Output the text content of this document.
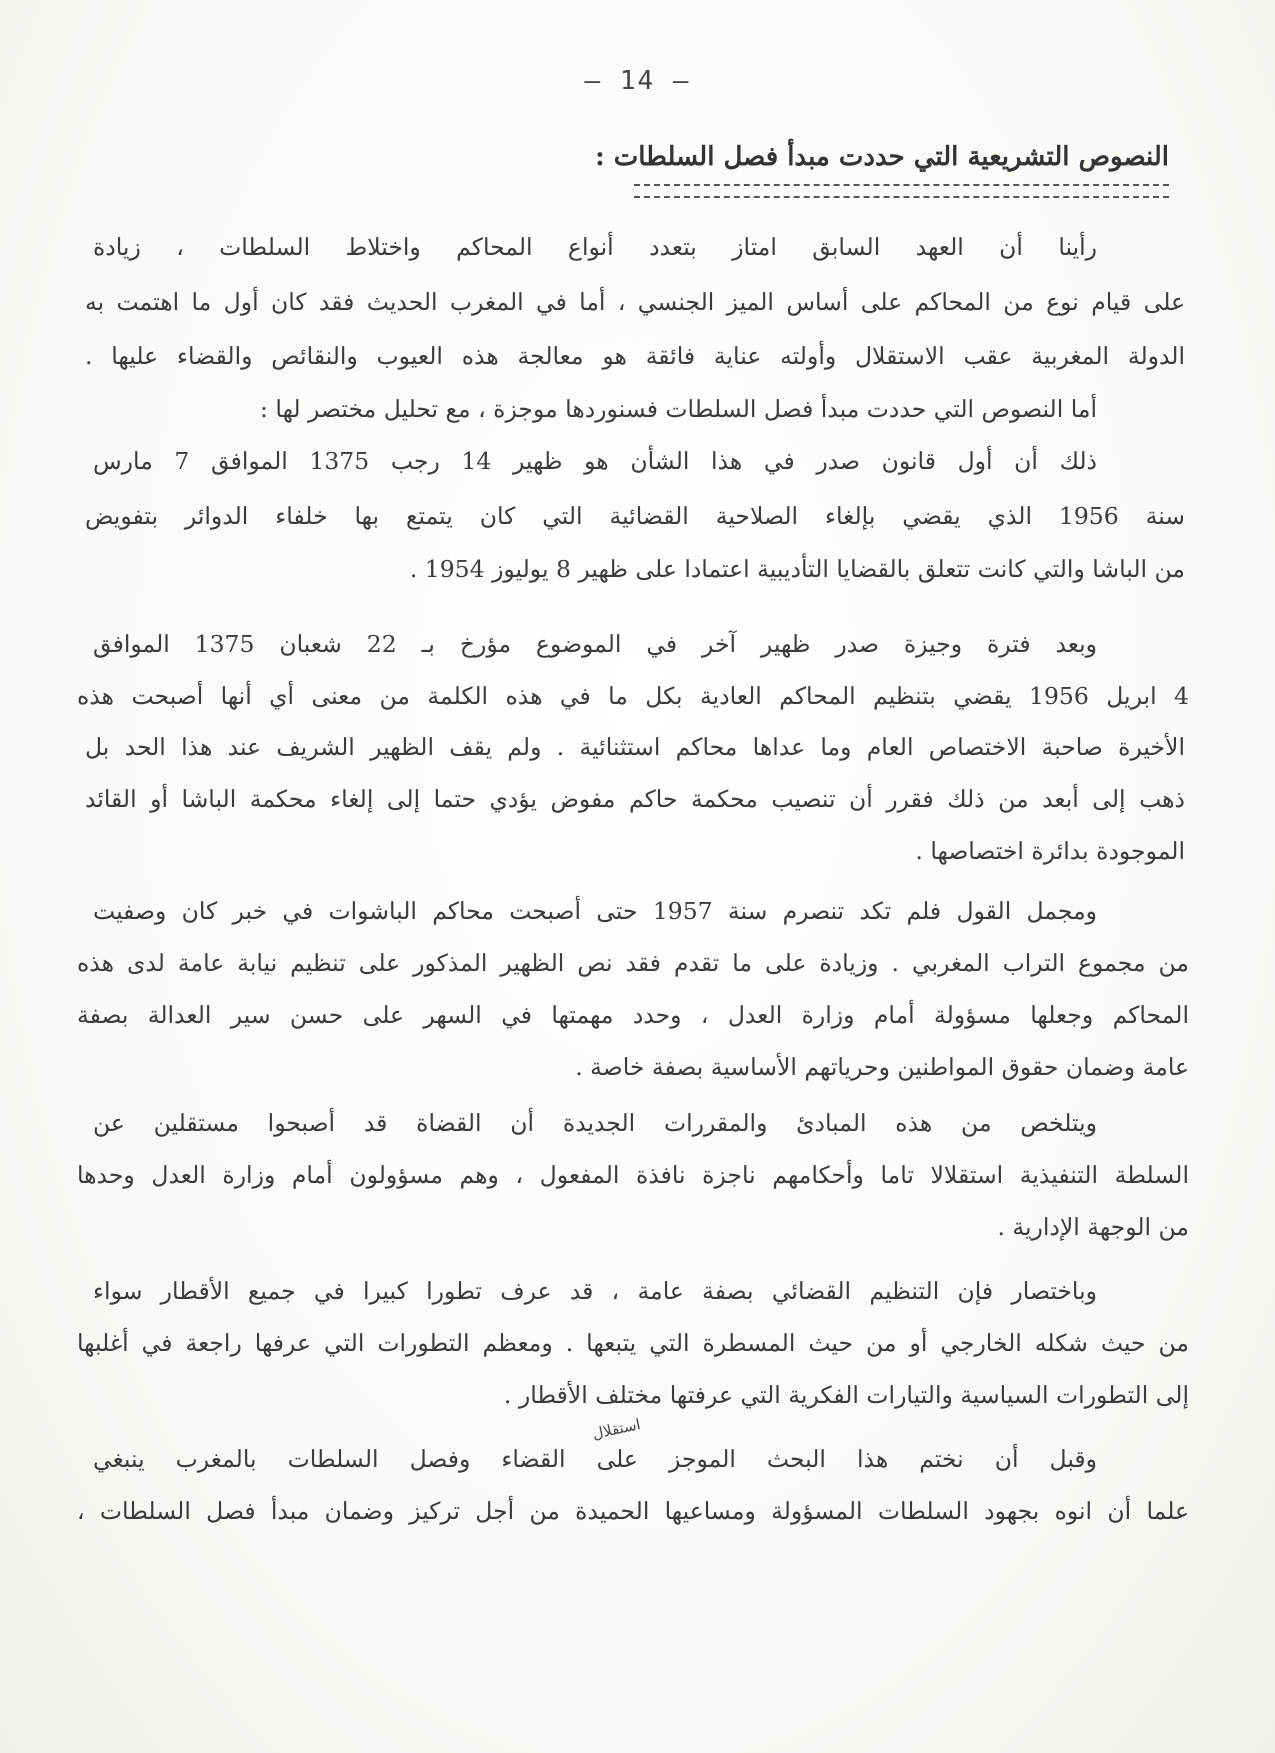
— 14 —
النصوص التشريعية التي حددت مبدأ فصل السلطات :
رأينا أن العهد السابق امتاز بتعدد أنواع المحاكم واختلاط السلطات ، زيادة
على قيام نوع من المحاكم على أساس الميز الجنسي ، أما في المغرب الحديث فقد كان أول ما اهتمت به
الدولة المغربية عقب الاستقلال وأولته عناية فائقة هو معالجة هذه العيوب والنقائص والقضاء عليها .
أما النصوص التي حددت مبدأ فصل السلطات فسنوردها موجزة ، مع تحليل مختصر لها :
ذلك أن أول قانون صدر في هذا الشأن هو ظهير 14 رجب 1375 الموافق 7 مارس
سنة 1956 الذي يقضي بإلغاء الصلاحية القضائية التي كان يتمتع بها خلفاء الدوائر بتفويض
من الباشا والتي كانت تتعلق بالقضايا التأديبية اعتمادا على ظهير 8 يوليوز 1954 .
وبعد فترة وجيزة صدر ظهير آخر في الموضوع مؤرخ بـ 22 شعبان 1375 الموافق
4 ابريل 1956 يقضي بتنظيم المحاكم العادية بكل ما في هذه الكلمة من معنى أي أنها أصبحت هذه
الأخيرة صاحبة الاختصاص العام وما عداها محاكم استثنائية . ولم يقف الظهير الشريف عند هذا الحد بل
ذهب إلى أبعد من ذلك فقرر أن تنصيب محكمة حاكم مفوض يؤدي حتما إلى إلغاء محكمة الباشا أو القائد
الموجودة بدائرة اختصاصها .
ومجمل القول فلم تكد تنصرم سنة 1957 حتى أصبحت محاكم الباشوات في خبر كان وصفيت
من مجموع التراب المغربي . وزيادة على ما تقدم فقد نص الظهير المذكور على تنظيم نيابة عامة لدى هذه
المحاكم وجعلها مسؤولة أمام وزارة العدل ، وحدد مهمتها في السهر على حسن سير العدالة بصفة
عامة وضمان حقوق المواطنين وحرياتهم الأساسية بصفة خاصة .
ويتلخص من هذه المبادئ والمقررات الجديدة أن القضاة قد أصبحوا مستقلين عن
السلطة التنفيذية استقلالا تاما وأحكامهم ناجزة نافذة المفعول ، وهم مسؤولون أمام وزارة العدل وحدها
من الوجهة الإدارية .
وباختصار فإن التنظيم القضائي بصفة عامة ، قد عرف تطورا كبيرا في جميع الأقطار سواء
من حيث شكله الخارجي أو من حيث المسطرة التي يتبعها . ومعظم التطورات التي عرفها راجعة في أغلبها
إلى التطورات السياسية والتيارات الفكرية التي عرفتها مختلف الأقطار .
وقبل أن نختم هذا البحث الموجز على القضاء وفصل السلطات بالمغرب ينبغي
علما أن انوه بجهود السلطات المسؤولة ومساعيها الحميدة من أجل تركيز وضمان مبدأ فصل السلطات ،
استقلال
